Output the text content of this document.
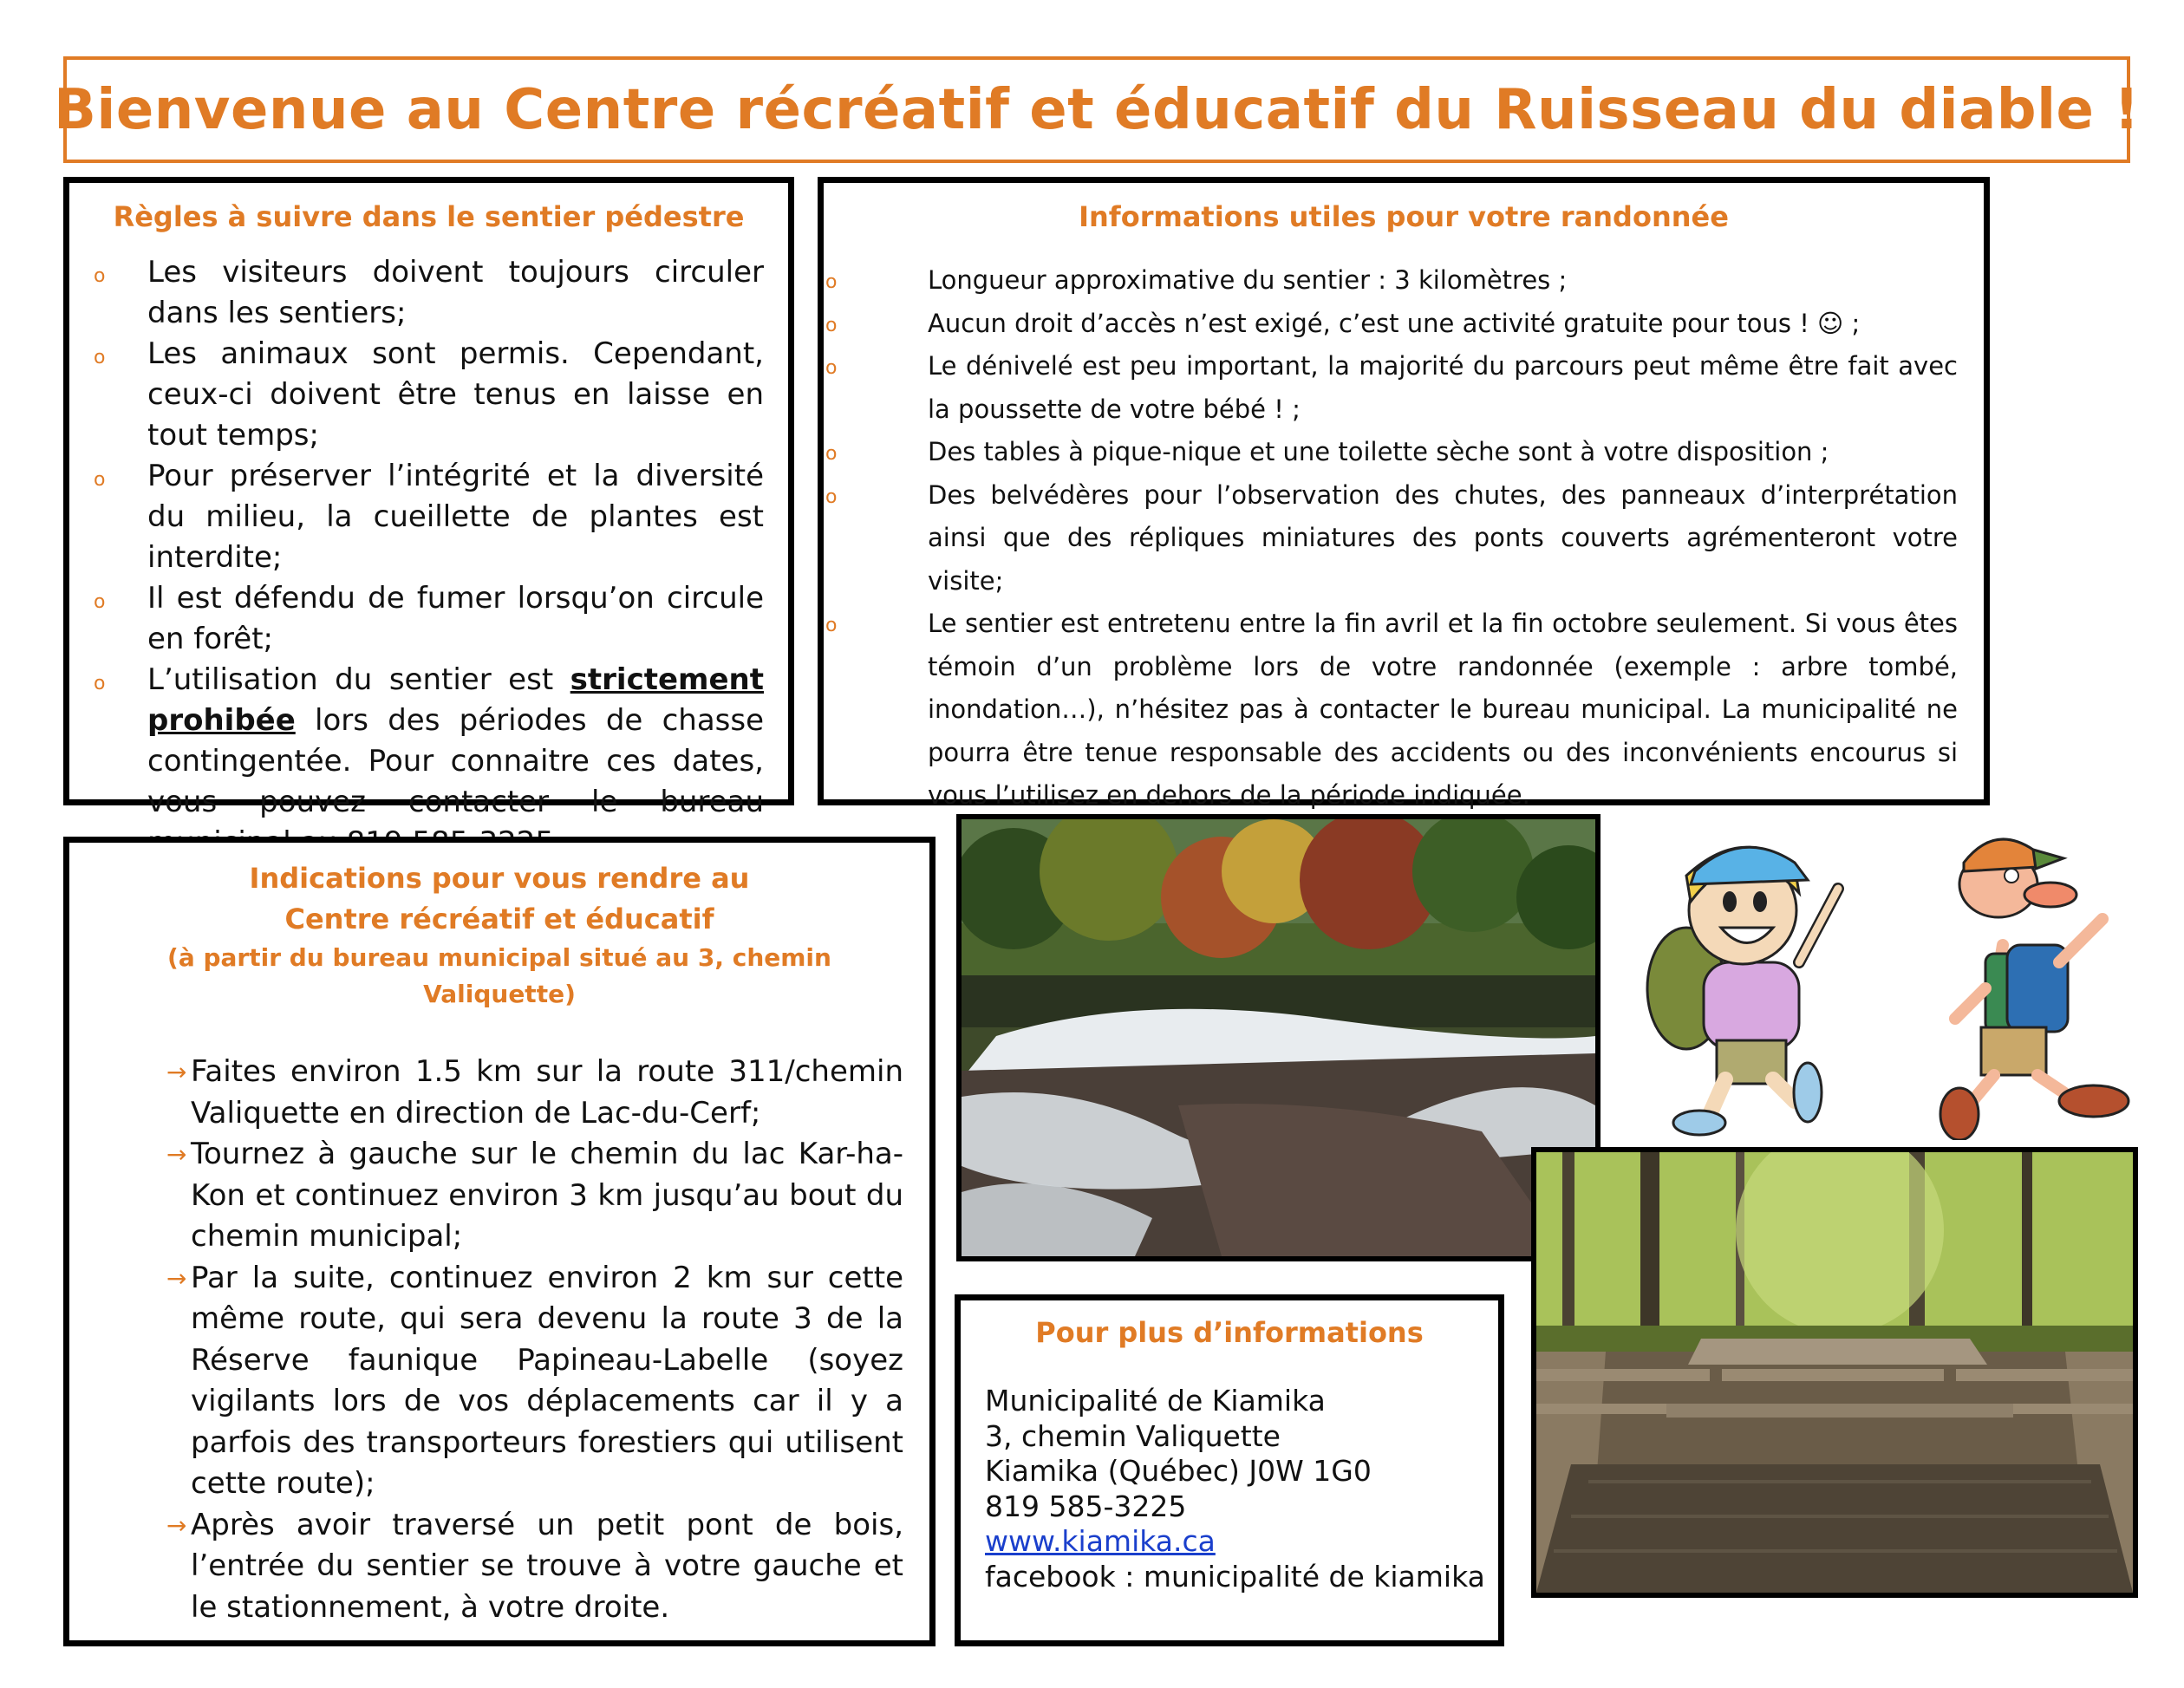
Bienvenue au Centre récréatif et éducatif du Ruisseau du diable !
Règles à suivre dans le sentier pédestre
o Les visiteurs doivent toujours circuler dans les sentiers;
o Les animaux sont permis. Cependant, ceux-ci doivent être tenus en laisse en tout temps;
o Pour préserver l’intégrité et la diversité du milieu, la cueillette de plantes est interdite;
o Il est défendu de fumer lorsqu’on circule en forêt;
o L’utilisation du sentier est strictement prohibée lors des périodes de chasse contingentée. Pour connaitre ces dates, vous pouvez contacter le bureau
Informations utiles pour votre randonnée
o	Longueur approximative du sentier : 3 kilomètres ;
o	Aucun droit d’accès n’est exigé, c’est une activité gratuite pour tous ! ☺ ;
o	Le dénivelé est peu important, la majorité du parcours peut même être fait avec la poussette de votre bébé ! ;
o	Des tables à pique-nique et une toilette sèche sont à votre disposition ;
o	Des belvédères pour l’observation des chutes, des panneaux d’interprétation ainsi que des répliques miniatures des ponts couverts agrémenteront votre visite;
o	Le sentier est entretenu entre la fin avril et la fin octobre seulement. Si vous êtes témoin d’un problème lors de votre randonnée (exemple : arbre tombé, inondation…), n’hésitez pas à contacter le bureau municipal. La municipalité ne pourra être tenue responsable des accidents ou des inconvénients encourus si vous l’utilisez en dehors de la période indiquée.
Indications pour vous rendre au
Centre récréatif et éducatif
(à partir du bureau municipal situé au 3, chemin Valiquette)
→ Faites environ 1.5 km sur la route 311/chemin Valiquette en direction de Lac-du-Cerf;
→ Tournez à gauche sur le chemin du lac Kar-ha-Kon et continuez environ 3 km jusqu’au bout du chemin municipal;
→ Par la suite, continuez environ 2 km sur cette même route, qui sera devenu la route 3 de la Réserve faunique Papineau-Labelle (soyez vigilants lors de vos déplacements car il y a parfois des transporteurs forestiers qui utilisent cette route);
→ Après avoir traversé un petit pont de bois, l’entrée du sentier se trouve à votre gauche et le stationnement, à votre droite.
Pour plus d’informations
Municipalité de Kiamika
3, chemin Valiquette
Kiamika (Québec) J0W 1G0
819 585-3225
www.kiamika.ca
facebook : municipalité de kiamika
